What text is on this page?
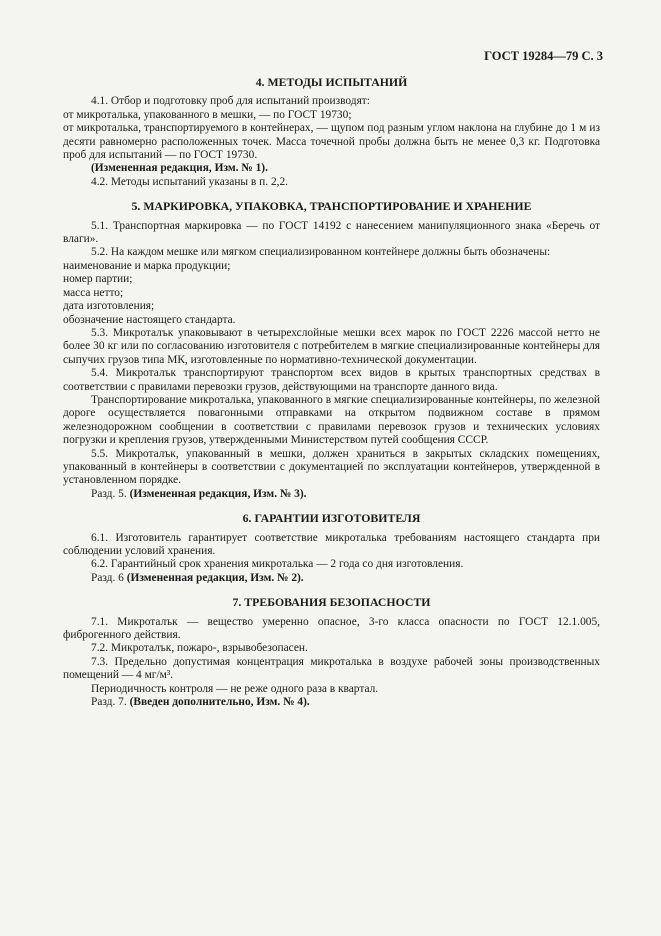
ГОСТ 19284—79 С. 3
4. МЕТОДЫ ИСПЫТАНИЙ

4.1. Отбор и подготовку проб для испытаний производят:

от микроталька, упакованного в мешки, — по ГОСТ 19730;

от микроталька, транспортируемого в контейнерах, — щупом под разным углом наклона на глубине до 1 м из десяти равномерно расположенных точек. Масса точечной пробы должна быть не менее 0,3 кг. Подготовка проб для испытаний — по ГОСТ 19730.

(Измененная редакция, Изм. № 1).

4.2. Методы испытаний указаны в п. 2,2.

5. МАРКИРОВКА, УПАКОВКА, ТРАНСПОРТИРОВАНИЕ И ХРАНЕНИЕ

5.1. Транспортная маркировка — по ГОСТ 14192 с нанесением манипуляционного знака «Беречь от влаги».

5.2. На каждом мешке или мягком специализированном контейнере должны быть обозначены:

наименование и марка продукции;

номер партии;

масса нетто;

дата изготовления;

обозначение настоящего стандарта.

5.3. Микроталък упаковывают в четырехслойные мешки всех марок по ГОСТ 2226 массой нетто не более 30 кг или по согласованию изготовителя с потребителем в мягкие специализированные контейнеры для сыпучих грузов типа МК, изготовленные по нормативно-технической документации.

5.4. Микроталък транспортируют транспортом всех видов в крытых транспортных средствах в соответствии с правилами перевозки грузов, действующими на транспорте данного вида.

Транспортирование микроталька, упакованного в мягкие специализированные контейнеры, по железной дороге осуществляется повагонными отправками на открытом подвижном составе в прямом железнодорожном сообщении в соответствии с правилами перевозок грузов и технических условиях погрузки и крепления грузов, утвержденными Министерством путей сообщения СССР.

5.5. Микроталък, упакованный в мешки, должен храниться в закрытых складских помещениях, упакованный в контейнеры в соответствии с документацией по эксплуатации контейнеров, утвержденной в установленном порядке.

Разд. 5. (Измененная редакция, Изм. № 3).

6. ГАРАНТИИ ИЗГОТОВИТЕЛЯ

6.1. Изготовитель гарантирует соответствие микроталька требованиям настоящего стандарта при соблюдении условий хранения.

6.2. Гарантийный срок хранения микроталька — 2 года со дня изготовления.

Разд. 6 (Измененная редакция, Изм. № 2).

7. ТРЕБОВАНИЯ БЕЗОПАСНОСТИ

7.1. Микроталък — вещество умеренно опасное, 3-го класса опасности по ГОСТ 12.1.005, фиброгенного действия.

7.2. Микроталък, пожаро-, взрывобезопасен.

7.3. Предельно допустимая концентрация микроталька в воздухе рабочей зоны производственных помещений — 4 мг/м³.

Периодичность контроля — не реже одного раза в квартал.

Разд. 7. (Введен дополнительно, Изм. № 4).
